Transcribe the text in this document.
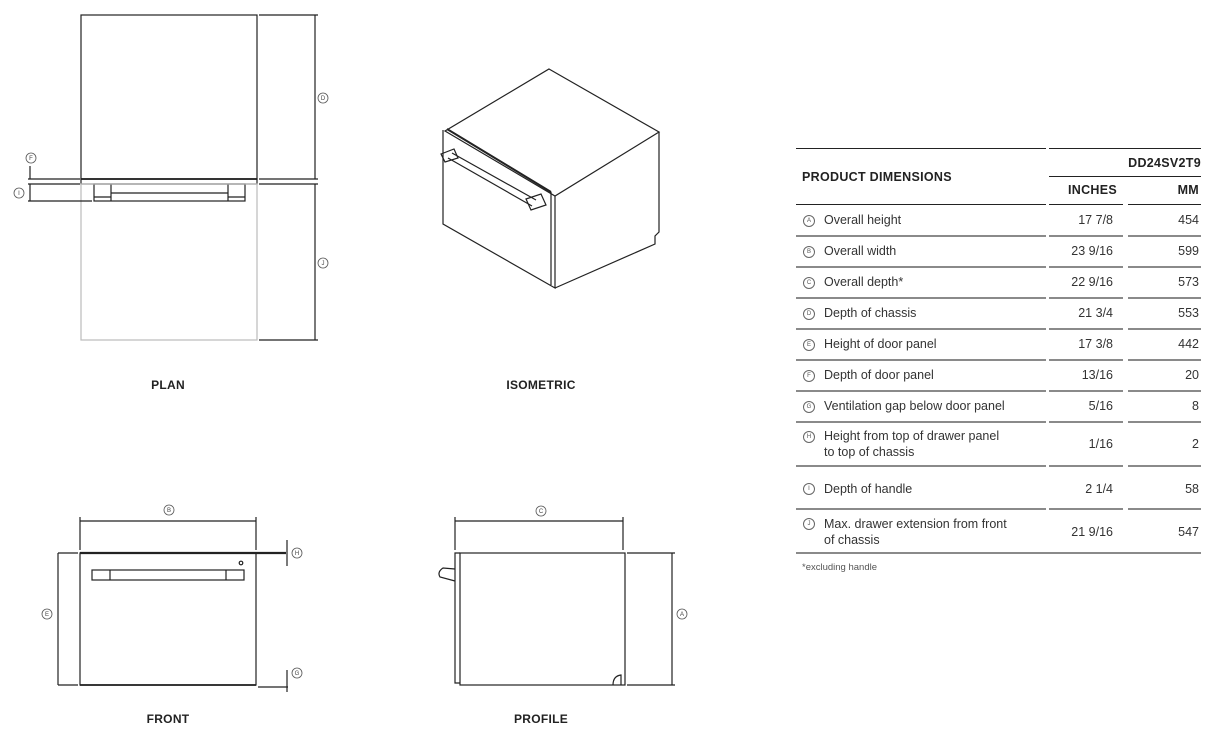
D
J
F
I
B
E
H
G
C
A
PLAN	ISOMETRIC
FRONT	PROFILE
PRODUCT DIMENSIONS
DD24SV2T9
INCHES	MM
A	Overall height	17 7/8	454
B	Overall width	23 9/16	599
C	Overall depth*	22 9/16	573
D	Depth of chassis	21 3/4	553
E	Height of door panel	17 3/8	442
F	Depth of door panel	13/16	20
G Ventilation gap below door panel	5/16	8
H	Height from top of drawer panel
to top of chassis
1/16	2
I	Depth of handle	2 1/4	58
J	Max. drawer extension from front
of chassis
21 9/16	547
*excluding handle
